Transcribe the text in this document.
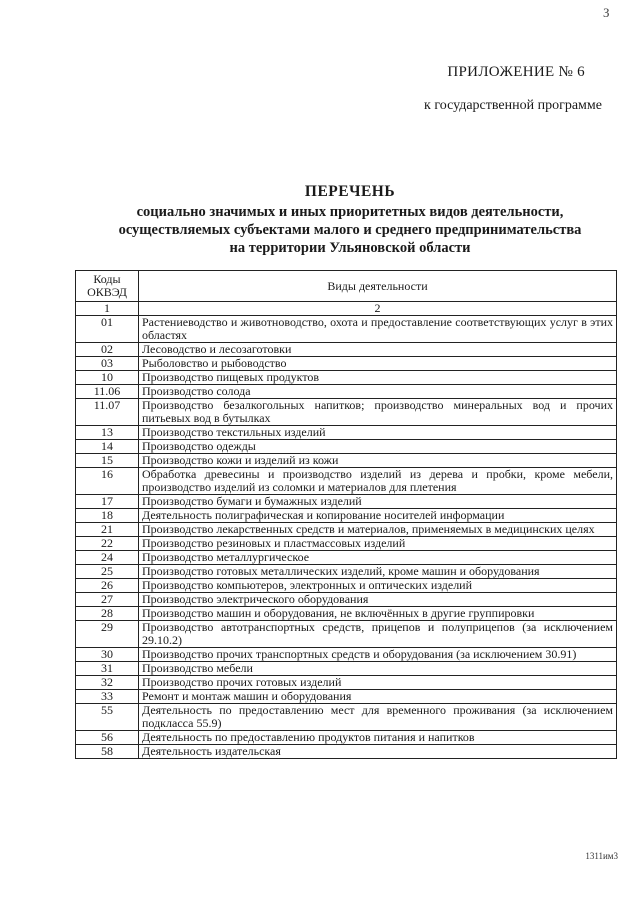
З
ПРИЛОЖЕНИЕ № 6
к государственной программе
ПЕРЕЧЕНЬ
социально значимых и иных приоритетных видов деятельности,
осуществляемых субъектами малого и среднего предпринимательства
на территории Ульяновской области
Коды ОКВЭД	Виды деятельности
1	2
01	Растениеводство и животноводство, охота и предоставление соответствующих услуг в этих областях
02	Лесоводство и лесозаготовки
03	Рыболовство и рыбоводство
10	Производство пищевых продуктов
11.06	Производство солода
11.07	Производство безалкогольных напитков; производство минеральных вод и прочих питьевых вод в бутылках
13	Производство текстильных изделий
14	Производство одежды
15	Производство кожи и изделий из кожи
16	Обработка древесины и производство изделий из дерева и пробки, кроме мебели, производство изделий из соломки и материалов для плетения
17	Производство бумаги и бумажных изделий
18	Деятельность полиграфическая и копирование носителей информации
21	Производство лекарственных средств и материалов, применяемых в медицинских целях
22	Производство резиновых и пластмассовых изделий
24	Производство металлургическое
25	Производство готовых металлических изделий, кроме машин и оборудования
26	Производство компьютеров, электронных и оптических изделий
27	Производство электрического оборудования
28	Производство машин и оборудования, не включённых в другие группировки
29	Производство автотранспортных средств, прицепов и полуприцепов (за исключением 29.10.2)
30	Производство прочих транспортных средств и оборудования (за исключением 30.91)
31	Производство мебели
32	Производство прочих готовых изделий
33	Ремонт и монтаж машин и оборудования
55	Деятельность по предоставлению мест для временного проживания (за исключением подкласса 55.9)
56	Деятельность по предоставлению продуктов питания и напитков
58	Деятельность издательская
1311им3
